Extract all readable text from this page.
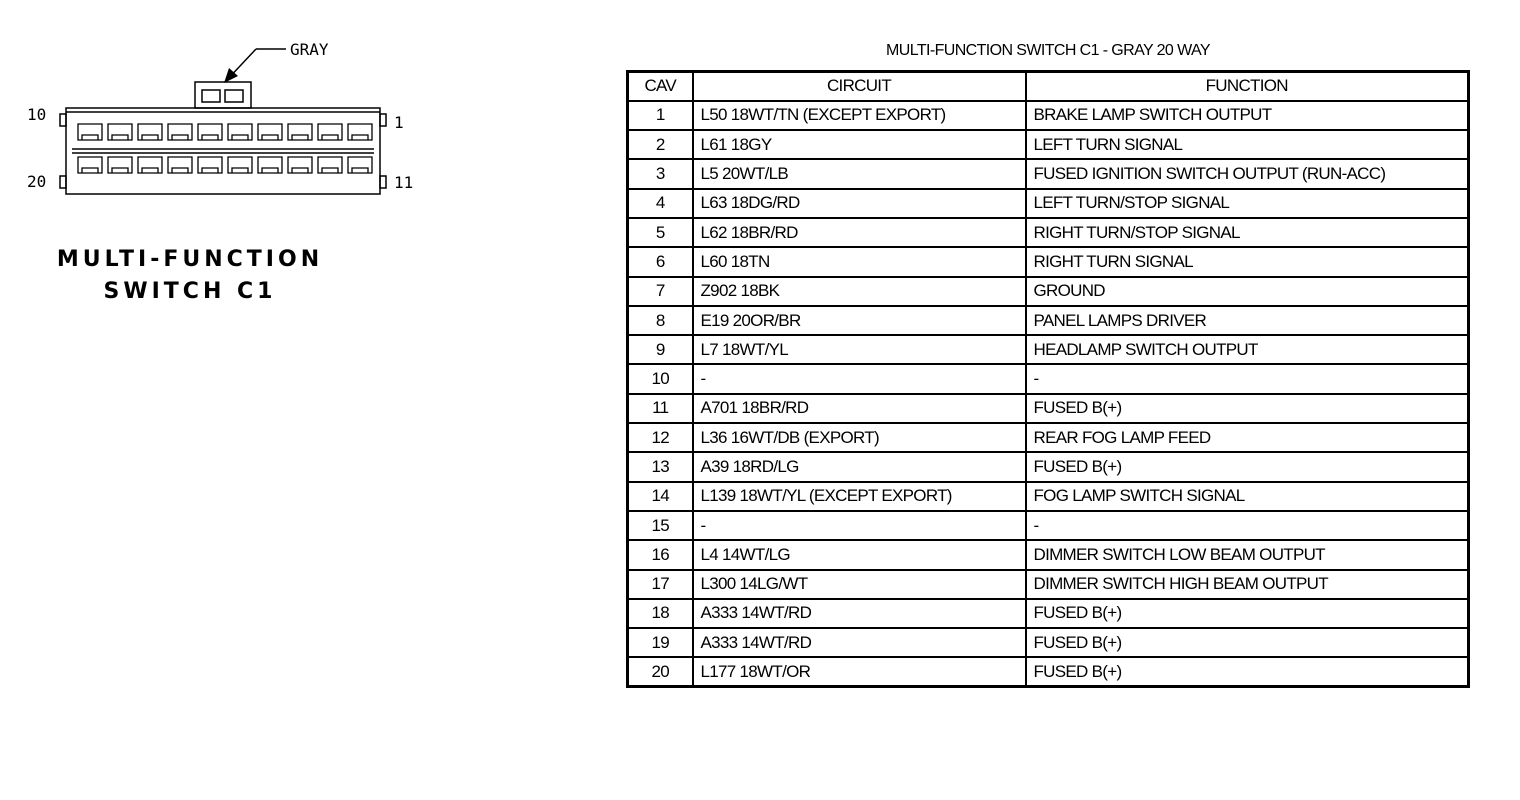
GRAY
10	1
20	11
MULTI-FUNCTION
SWITCH C1
MULTI-FUNCTION SWITCH C1 - GRAY 20 WAY
CAV	CIRCUIT	FUNCTION
1	L50 18WT/TN (EXCEPT EXPORT)	BRAKE LAMP SWITCH OUTPUT
2	L61 18GY	LEFT TURN SIGNAL
3	L5 20WT/LB	FUSED IGNITION SWITCH OUTPUT (RUN-ACC)
4	L63 18DG/RD	LEFT TURN/STOP SIGNAL
5	L62 18BR/RD	RIGHT TURN/STOP SIGNAL
6	L60 18TN	RIGHT TURN SIGNAL
7	Z902 18BK	GROUND
8	E19 20OR/BR	PANEL LAMPS DRIVER
9	L7 18WT/YL	HEADLAMP SWITCH OUTPUT
10	-	-
11	A701 18BR/RD	FUSED B(+)
12	L36 16WT/DB (EXPORT)	REAR FOG LAMP FEED
13	A39 18RD/LG	FUSED B(+)
14	L139 18WT/YL (EXCEPT EXPORT)	FOG LAMP SWITCH SIGNAL
15	-	-
16	L4 14WT/LG	DIMMER SWITCH LOW BEAM OUTPUT
17	L300 14LG/WT	DIMMER SWITCH HIGH BEAM OUTPUT
18	A333 14WT/RD	FUSED B(+)
19	A333 14WT/RD	FUSED B(+)
20	L177 18WT/OR	FUSED B(+)
